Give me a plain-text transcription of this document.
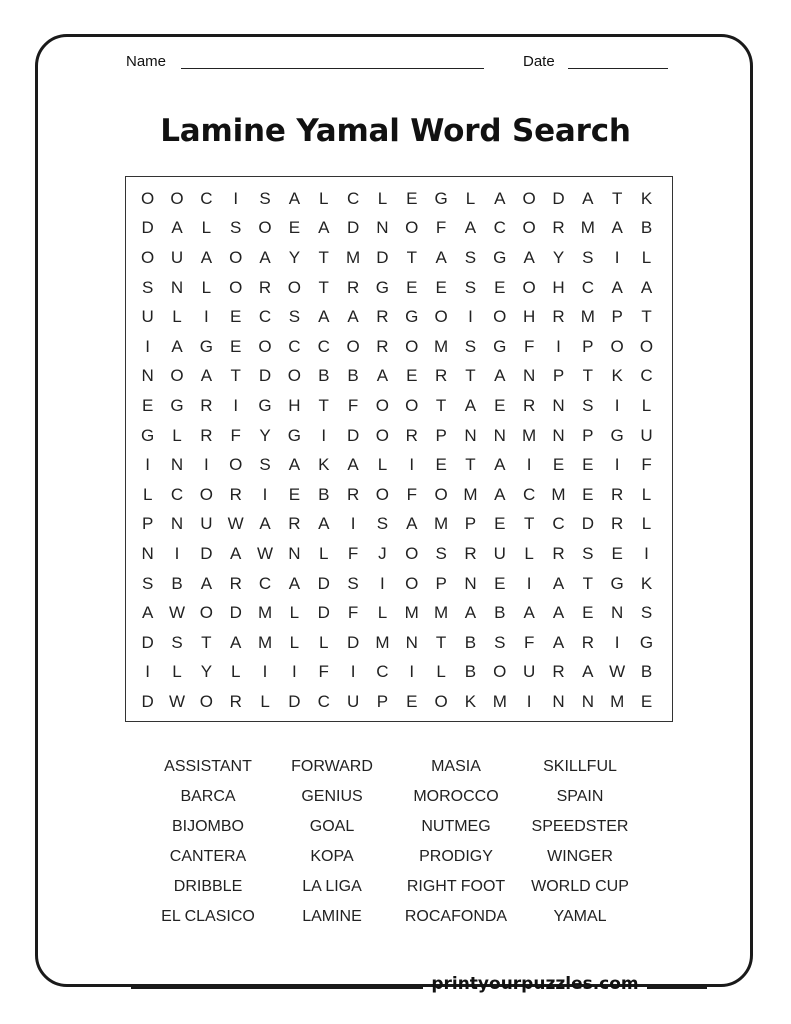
Name	Date
Lamine Yamal Word Search
O O C	I	S	A	L	C	L	E	G	L	A	O D	A	T	K
D	A	L	S	O	E	A	D	N O	F	A	C O R M A	B
O U	A	O	A	Y	T	M D	T	A	S	G	A	Y	S	I	L
S	N	L	O R O	T	R G	E	E	S	E	O H	C	A	A
U	L	I	E	C	S	A	A	R G O	I	O H	R M P	T
I	A	G	E	O C	C O R O M S	G	F	I	P	O O
N O	A	T	D O	B	B	A	E	R	T	A	N	P	T	K	C
E	G R	I	G H	T	F	O O	T	A	E	R	N	S	I	L
G	L	R	F	Y	G	I	D O R	P	N	N M N	P	G U
I	N	I	O	S	A	K	A	L	I	E	T	A	I	E	E	I	F
L	C O R	I	E	B	R O	F	O M A	C M E	R	L
P	N	U W A	R	A	I	S	A M P	E	T	C	D	R	L
N	I	D	A W N	L	F	J	O	S	R	U	L	R	S	E	I
S	B	A	R	C	A	D	S	I	O	P	N	E	I	A	T	G	K
A W O D M	L	D	F	L	M M A	B	A	A	E	N	S
D	S	T	A M	L	L	D M N	T	B	S	F	A	R	I	G
I	L	Y	L	I	I	F	I	C	I	L	B	O U	R	A W B
D W O R	L	D	C	U	P	E	O	K M	I	N	N M E
ASSISTANT	FORWARD	MASIA	SKILLFUL
BARCA	GENIUS	MOROCCO	SPAIN
BIJOMBO	GOAL	NUTMEG	SPEEDSTER
CANTERA	KOPA	PRODIGY	WINGER
DRIBBLE	LA LIGA	RIGHT FOOT	WORLD CUP
EL CLASICO	LAMINE	ROCAFONDA	YAMAL
printyourpuzzles.com
